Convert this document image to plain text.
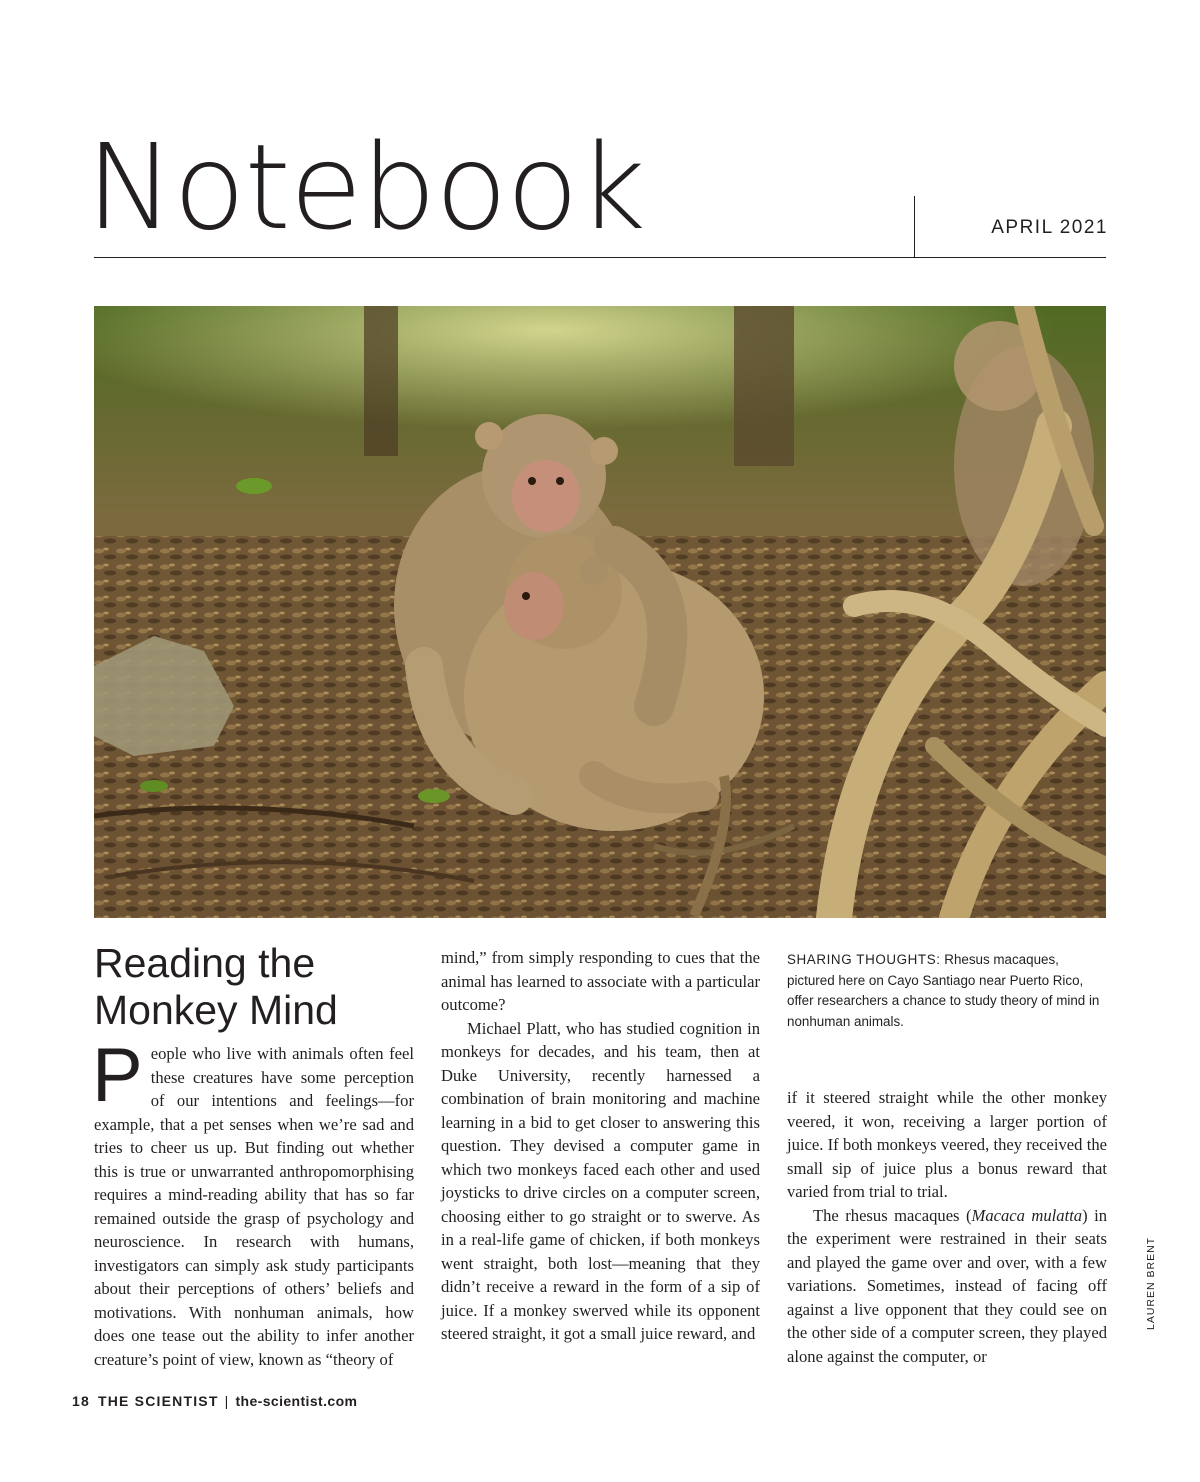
Notebook	APRIL 2021
Reading the Monkey Mind

People who live with animals often feel these creatures have some perception of our intentions and feelings—for example, that a pet senses when we’re sad and tries to cheer us up. But finding out whether this is true or unwarranted anthropomorphising requires a mind-reading ability that has so far remained outside the grasp of psychology and neuroscience. In research with humans, investigators can simply ask study participants about their perceptions of others’ beliefs and motivations. With nonhuman animals, how does one tease out the ability to infer another creature’s point of view, known as “theory of

mind,” from simply responding to cues that the animal has learned to associate with a particular outcome?

Michael Platt, who has studied cognition in monkeys for decades, and his team, then at Duke University, recently harnessed a combination of brain monitoring and machine learning in a bid to get closer to answering this question. They devised a computer game in which two monkeys faced each other and used joysticks to drive circles on a computer screen, choosing either to go straight or to swerve. As in a real-life game of chicken, if both monkeys went straight, both lost—meaning that they didn’t receive a reward in the form of a sip of juice. If a monkey swerved while its opponent steered straight, it got a small juice reward, and

SHARING THOUGHTS: Rhesus macaques, pictured here on Cayo Santiago near Puerto Rico, offer researchers a chance to study theory of mind in nonhuman animals.

if it steered straight while the other monkey veered, it won, receiving a larger portion of juice. If both monkeys veered, they received the small sip of juice plus a bonus reward that varied from trial to trial.

The rhesus macaques (Macaca mulatta) in the experiment were restrained in their seats and played the game over and over, with a few variations. Sometimes, instead of facing off against a live opponent that they could see on the other side of a computer screen, they played alone against the computer, or

LAUREN BRENT
18 THE SCIENTIST | the-scientist.com
